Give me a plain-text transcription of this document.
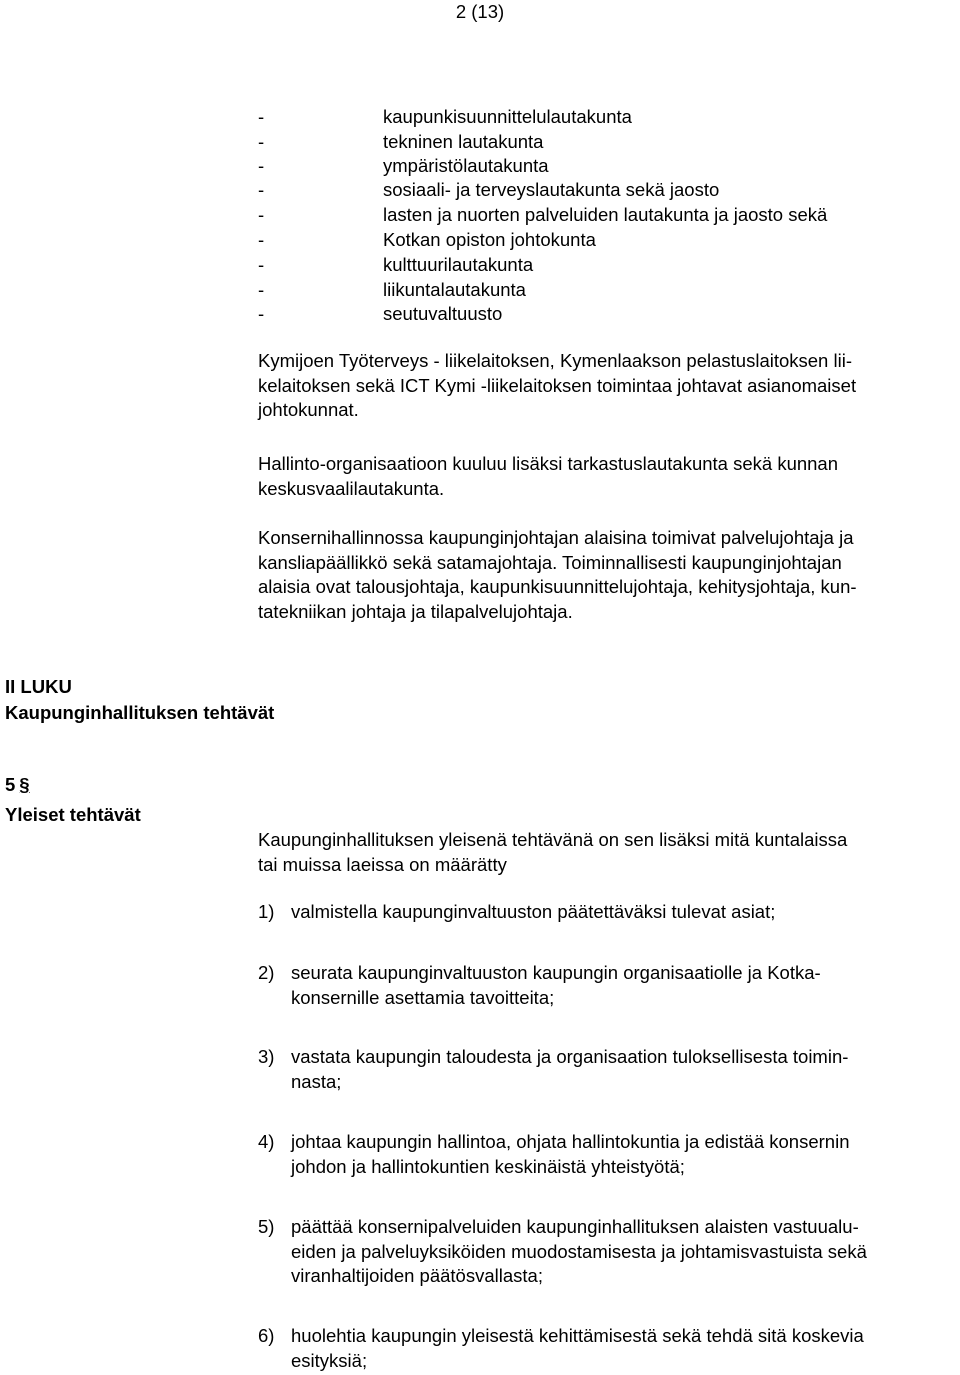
2 (13)
-	kaupunkisuunnittelulautakunta
-	tekninen lautakunta
-	ympäristölautakunta
-	sosiaali- ja terveyslautakunta sekä jaosto
-	lasten ja nuorten palveluiden lautakunta ja jaosto sekä
-	Kotkan opiston johtokunta
-	kulttuurilautakunta
-	liikuntalautakunta
-	seutuvaltuusto
Kymijoen Työterveys - liikelaitoksen, Kymenlaakson pelastuslaitoksen lii-
kelaitoksen sekä ICT Kymi -liikelaitoksen toimintaa johtavat asianomaiset
johtokunnat.
Hallinto-organisaatioon kuuluu lisäksi tarkastuslautakunta sekä kunnan
keskusvaalilautakunta.
Konsernihallinnossa kaupunginjohtajan alaisina toimivat palvelujohtaja ja
kansliapäällikkö sekä satamajohtaja. Toiminnallisesti kaupunginjohtajan
alaisia ovat talousjohtaja, kaupunkisuunnittelujohtaja, kehitysjohtaja, kun-
tatekniikan johtaja ja tilapalvelujohtaja.
II LUKU
Kaupunginhallituksen tehtävät
5 §
Yleiset tehtävät
Kaupunginhallituksen yleisenä tehtävänä on sen lisäksi mitä kuntalaissa
tai muissa laeissa on määrätty
1) valmistella kaupunginvaltuuston päätettäväksi tulevat asiat;
2) seurata kaupunginvaltuuston kaupungin organisaatiolle ja Kotka-
konsernille asettamia tavoitteita;
3) vastata kaupungin taloudesta ja organisaation tuloksellisesta toimin-
nasta;
4) johtaa kaupungin hallintoa, ohjata hallintokuntia ja edistää konsernin
johdon ja hallintokuntien keskinäistä yhteistyötä;
5) päättää konsernipalveluiden kaupunginhallituksen alaisten vastuualu-
eiden ja palveluyksiköiden muodostamisesta ja johtamisvastuista sekä
viranhaltijoiden päätösvallasta;
6) huolehtia kaupungin yleisestä kehittämisestä sekä tehdä sitä koskevia
esityksiä;
